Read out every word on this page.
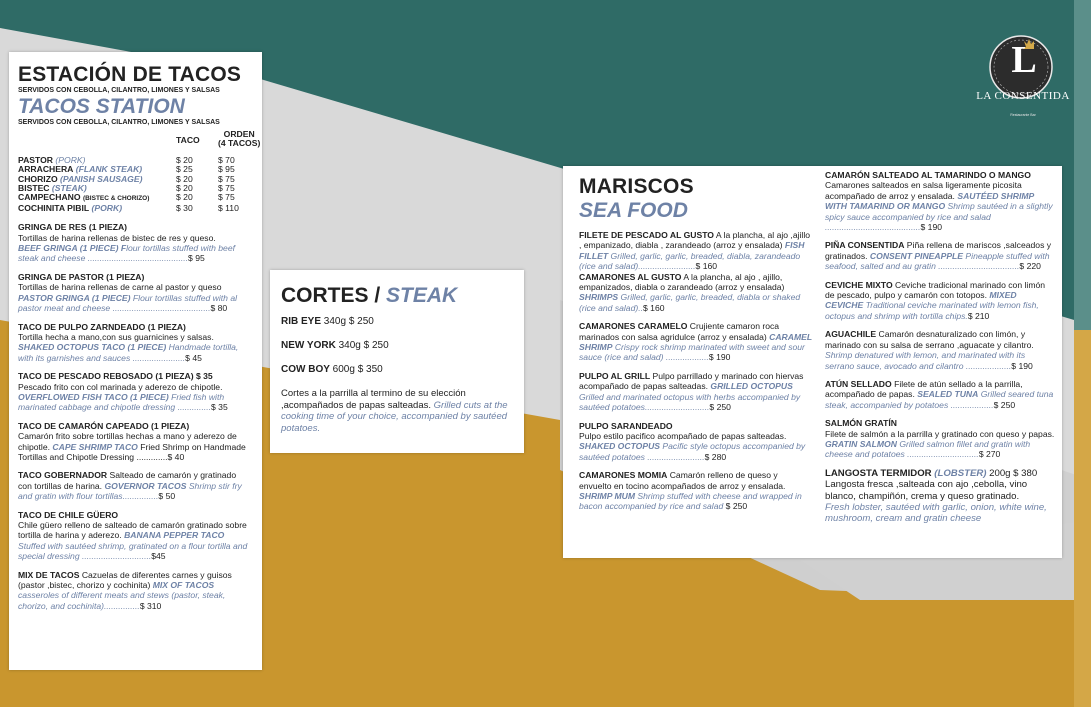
L
LA CONSENTIDA
Restaurante Bar
ESTACIÓN DE TACOS
SERVIDOS CON CEBOLLA, CILANTRO, LIMONES Y SALSAS
TACOS STATION
SERVIDOS CON CEBOLLA, CILANTRO, LIMONES Y SALSAS
	TACO	ORDEN
(4 TACOS)

PASTOR (PORK)	$ 20	$ 70
ARRACHERA (FLANK STEAK)	$ 25	$ 95
CHORIZO (PANISH SAUSAGE)	$ 20	$ 75
BISTEC (STEAK)	$ 20	$ 75
CAMPECHANO (BISTEC & CHORIZO)	$ 20	$ 75
COCHINITA PIBIL (PORK)	$ 30	$ 110
GRINGA DE RES (1 PIEZA)
Tortillas de harina rellenas de bistec de res y queso.
BEEF GRINGA (1 PIECE) Flour tortillas stuffed with beef steak and cheese ..........................................$ 95
GRINGA DE PASTOR (1 PIEZA)
Tortillas de harina rellenas de carne al pastor y queso
PASTOR GRINGA (1 PIECE) Flour tortillas stuffed with al pastor meat and cheese .........................................$ 80
TACO DE PULPO ZARNDEADO (1 PIEZA)
Tortilla hecha a mano,con sus guarnicines y salsas.
SHAKED OCTOPUS TACO (1 PIECE) Handmade tortilla, with its garnishes and sauces ......................$ 45
TACO DE PESCADO REBOSADO (1 PIEZA) $ 35
Pescado frito con col marinada y aderezo de chipotle.
OVERFLOWED FISH TACO (1 PIECE) Fried fish with marinated cabbage and chipotle dressing ..............$ 35
TACO DE CAMARÓN CAPEADO (1 PIEZA)
Camarón frito sobre tortillas hechas a mano y aderezo de chipotle. CAPE SHRIMP TACO Fried Shrimp on Handmade Tortillas and Chipotle Dressing .............$ 40
TACO GOBERNADOR Salteado de camarón y gratinado con tortillas de harina. GOVERNOR TACOS Shrimp stir fry and gratin with flour tortillas...............$ 50
TACO DE CHILE GÜERO
Chile güero relleno de salteado de camarón gratinado sobre tortilla de harina y aderezo. BANANA PEPPER TACO Stuffed with sautéed shrimp, gratinated on a flour tortilla and special dressing .............................$45
MIX DE TACOS Cazuelas de diferentes carnes y guisos (pastor ,bistec, chorizo y cochinita) MIX OF TACOS casseroles of different meats and stews (pastor, steak, chorizo, and cochinita)...............$ 310
CORTES / STEAK
RIB EYE 340g $ 250
NEW YORK 340g $ 250
COW BOY 600g $ 350
Cortes a la parrilla al termino de su elección ,acompañados de papas salteadas. Grilled cuts at the cooking time of your choice, accompanied by sautéed potatoes.
MARISCOS
SEA FOOD
FILETE DE PESCADO AL GUSTO A la plancha, al ajo ,ajillo , empanizado, diabla , zarandeado (arroz y ensalada) FISH FILLET Grilled, garlic, garlic, breaded, diabla, zarandeado (rice and salad)........................$ 160
CAMARONES AL GUSTO A la plancha, al ajo , ajillo, empanizados, diabla o zarandeado (arroz y ensalada) SHRIMPS Grilled, garlic, garlic, breaded, diabla or shaked (rice and salad)..$ 160
CAMARONES CARAMELO Crujiente camaron roca marinados con salsa agridulce (arroz y ensalada) CARAMEL SHRIMP Crispy rock shrimp marinated with sweet and sour sauce (rice and salad) ..................$ 190
PULPO AL GRILL Pulpo parrillado y marinado con hiervas acompañado de papas salteadas. GRILLED OCTOPUS Grilled and marinated octopus with herbs accompanied by sautéed potatoes...........................$ 250
PULPO SARANDEADO
Pulpo estilo pacifico acompañado de papas salteadas. SHAKED OCTOPUS Pacific style octopus accompanied by sautéed potatoes ........................$ 280
CAMARONES MOMIA Camarón relleno de queso y envuelto en tocino acompañados de arroz y ensalada. SHRIMP MUM Shrimp stuffed with cheese and wrapped in bacon accompanied by rice and salad $ 250
CAMARÓN SALTEADO AL TAMARINDO O MANGO
Camarones salteados en salsa ligeramente picosita acompañado de arroz y ensalada. SAUTÉED SHRIMP WITH TAMARIND OR MANGO Shrimp sautéed in a slightly spicy sauce accompanied by rice and salad ........................................$ 190
PIÑA CONSENTIDA Piña rellena de mariscos ,salceados y gratinados. CONSENT PINEAPPLE Pineapple stuffed with seafood, salted and au gratin ..................................$ 220
CEVICHE MIXTO Ceviche tradicional marinado con limón de pescado, pulpo y camarón con totopos. MIXED CEVICHE Traditional ceviche marinated with lemon fish, octopus and shrimp with tortilla chips.$ 210
AGUACHILE Camarón desnaturalizado con limón, y marinado con su salsa de serrano ,aguacate y cilantro. Shrimp denatured with lemon, and marinated with its serrano sauce, avocado and cilantro ...................$ 190
ATÚN SELLADO Filete de atún sellado a la parrilla, acompañado de papas. SEALED TUNA Grilled seared tuna steak, accompanied by potatoes ..................$ 250
SALMÓN GRATÍN
Filete de salmón a la parrilla y gratinado con queso y papas. GRATIN SALMON Grilled salmon fillet and gratin with cheese and potatoes ..............................$ 270
LANGOSTA TERMIDOR (LOBSTER) 200g $ 380
Langosta fresca ,salteada con ajo ,cebolla, vino blanco, champiñón, crema y queso gratinado.
Fresh lobster, sautéed with garlic, onion, white wine, mushroom, cream and gratin cheese
